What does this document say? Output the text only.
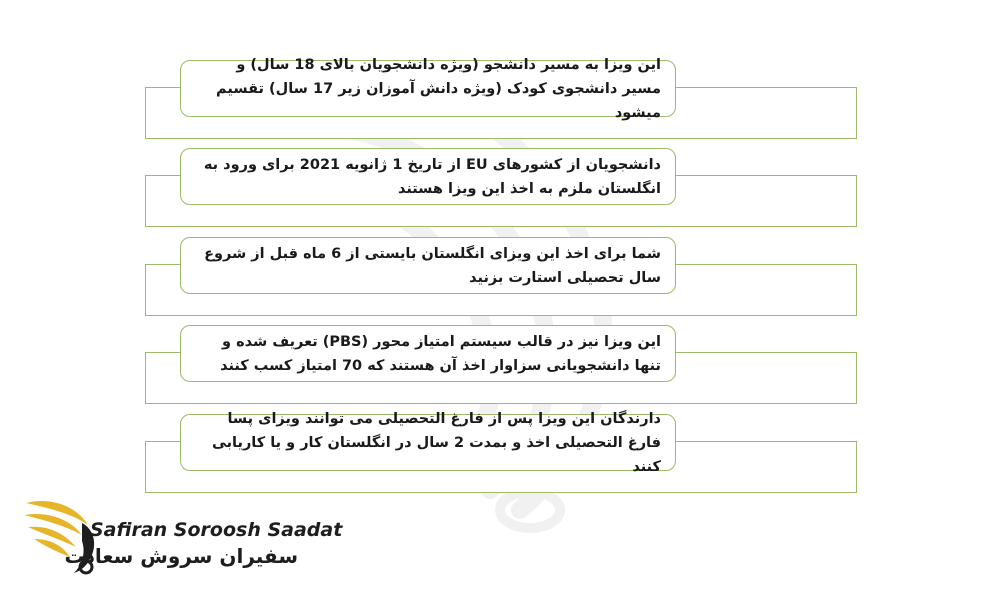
این ویزا به مسیر دانشجو (ویژه دانشجویان بالای 18 سال) و مسیر دانشجوی کودک (ویژه دانش آموزان زیر 17 سال) تقسیم میشود

دانشجویان از کشورهای EU از تاریخ 1 ژانویه 2021 برای ورود به انگلستان ملزم به اخذ این ویزا هستند

شما برای اخذ این ویزای انگلستان بایستی از 6 ماه قبل از شروع سال تحصیلی استارت بزنید

این ویزا نیز در قالب سیستم امتیاز محور (PBS) تعریف شده و تنها دانشجویانی سزاوار اخذ آن هستند که 70 امتیاز کسب کنند

دارندگان این ویزا پس از فارغ التحصیلی می توانند ویزای پسا فارغ التحصیلی اخذ و بمدت 2 سال در انگلستان کار و یا کاریابی کنند

Safiran Soroosh Saadat
سفیران سروش سعادت
